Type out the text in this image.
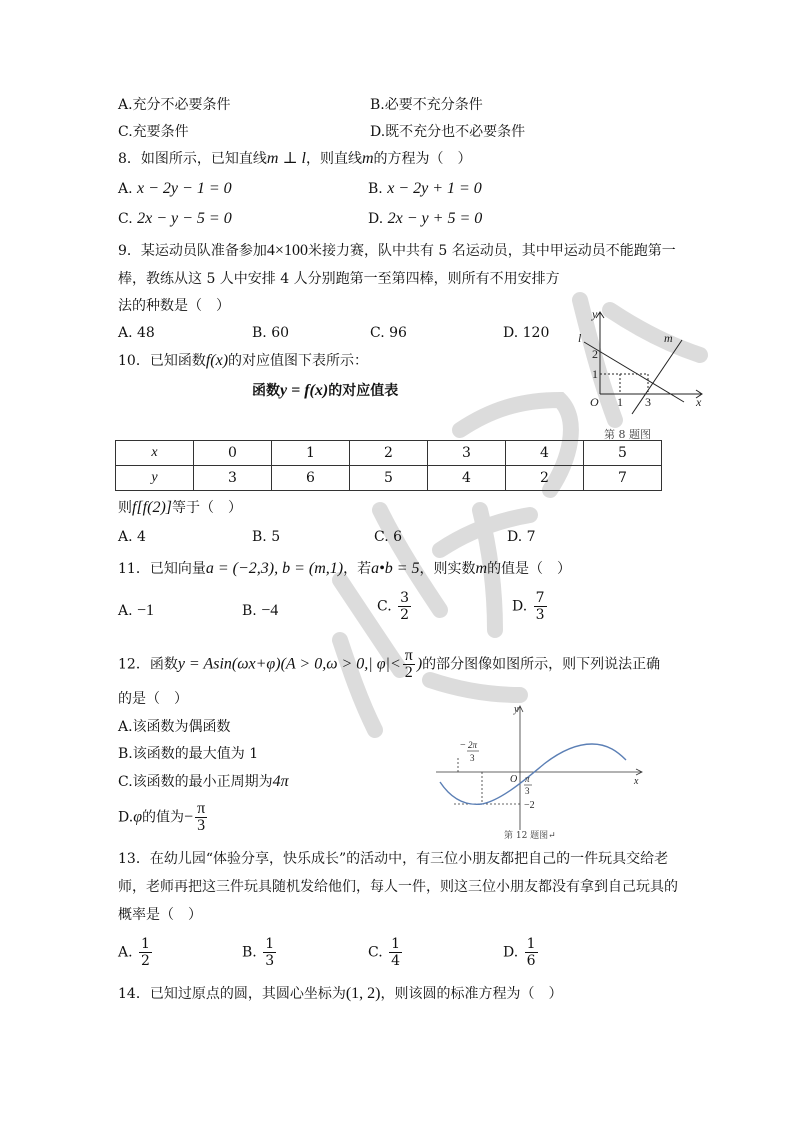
A.充分不必要条件	B.必要不充分条件
C.充要条件	D.既不充分也不必要条件
8．如图所示，已知直线m ⊥ l，则直线m的方程为（　）
A. x − 2y − 1 = 0	B. x − 2y + 1 = 0
C. 2x − y − 5 = 0	D. 2x − y + 5 = 0
y
x
O
l	m
1 3
1
2
第 8 题图
9．某运动员队准备参加4×100米接力赛，队中共有 5 名运动员，其中甲运动员不能跑第一
棒，教练从这 5 人中安排 4 人分别跑第一至第四棒，则所有不用安排方
法的种数是（　）
A. 48	B. 60	C. 96	D. 120
10．已知函数f(x)的对应值图下表所示：
函数y = f(x)的对应值表
x	0	1	2	3	4	5
y	3	6	5	4	2	7
则f[f(2)]等于（　）
A. 4	B. 5	C. 6	D. 7
11．已知向量a = (−2,3), b = (m,1)，若a•b = 5，则实数m的值是（　）
A. −1	B. −4	C. $\frac{3}{2}$	D. $\frac{7}{3}$
12．函数y = Asin(ωx+φ)(A > 0,ω > 0,| $\varphi|< \frac{\pi}{2}$ )的部分图像如图所示，则下列说法正确
的是（　）
A.该函数为偶函数
B.该函数的最大值为 1
C.该函数的最小正周期为4π
D.φ的值为− $\frac{\pi}{3}$
y
x
O
− 2π
3
π
3
−2
第 12 题图↵
13．在幼儿园“体验分享，快乐成长”的活动中，有三位小朋友都把自己的一件玩具交给老
师，老师再把这三件玩具随机发给他们，每人一件，则这三位小朋友都没有拿到自己玩具的
概率是（　）
A. $\frac{1}{2}$	B. $\frac{1}{3}$	C. $\frac{1}{4}$	D. $\frac{1}{6}$
14．已知过原点的圆，其圆心坐标为(1, 2)，则该圆的标准方程为（　）
